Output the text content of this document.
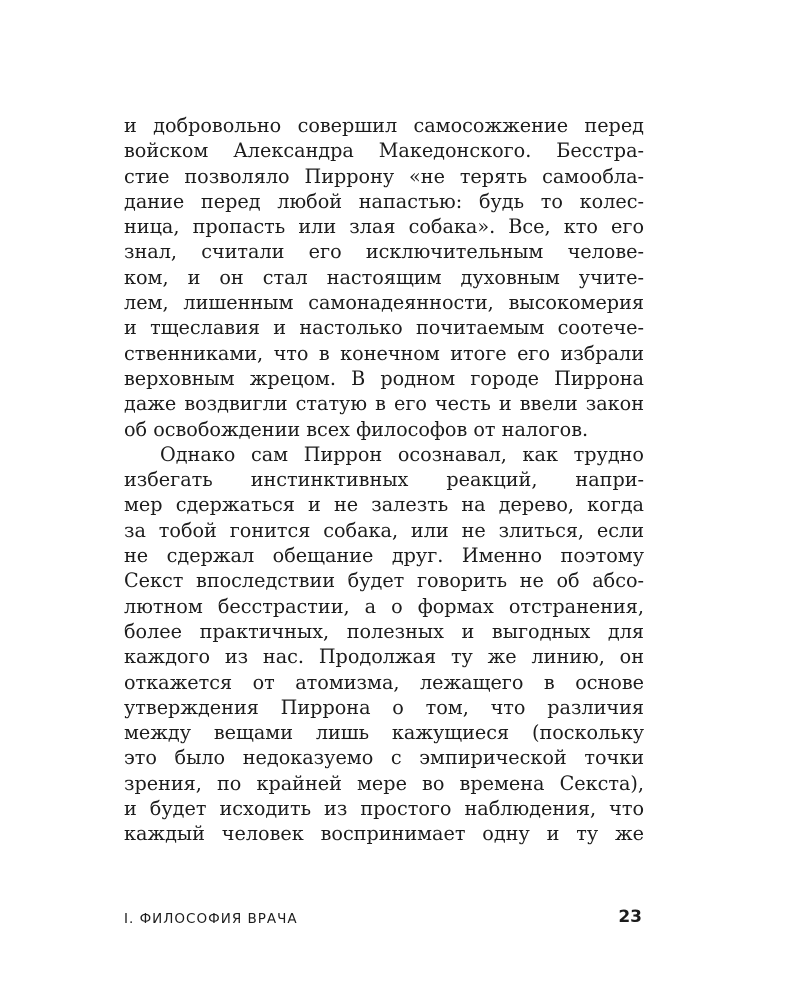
и добровольно совершил самосожжение перед
войском Александра Македонского. Бесстра-
стие позволяло Пиррону «не терять самообла-
дание перед любой напастью: будь то колес-
ница, пропасть или злая собака». Все, кто его
знал, считали его исключительным челове-
ком, и он стал настоящим духовным учите-
лем, лишенным самонадеянности, высокомерия
и тщеславия и настолько почитаемым соотече-
ственниками, что в конечном итоге его избрали
верховным жрецом. В родном городе Пиррона
даже воздвигли статую в его честь и ввели закон
об освобождении всех философов от налогов.
Однако сам Пиррон осознавал, как трудно
избегать инстинктивных реакций, напри-
мер сдержаться и не залезть на дерево, когда
за тобой гонится собака, или не злиться, если
не сдержал обещание друг. Именно поэтому
Секст впоследствии будет говорить не об абсо-
лютном бесстрастии, а о формах отстранения,
более практичных, полезных и выгодных для
каждого из нас. Продолжая ту же линию, он
откажется от атомизма, лежащего в основе
утверждения Пиррона о том, что различия
между вещами лишь кажущиеся (поскольку
это было недоказуемо с эмпирической точки
зрения, по крайней мере во времена Секста),
и будет исходить из простого наблюдения, что
каждый человек воспринимает одну и ту же
I. ФИЛОСОФИЯ ВРАЧА	23
